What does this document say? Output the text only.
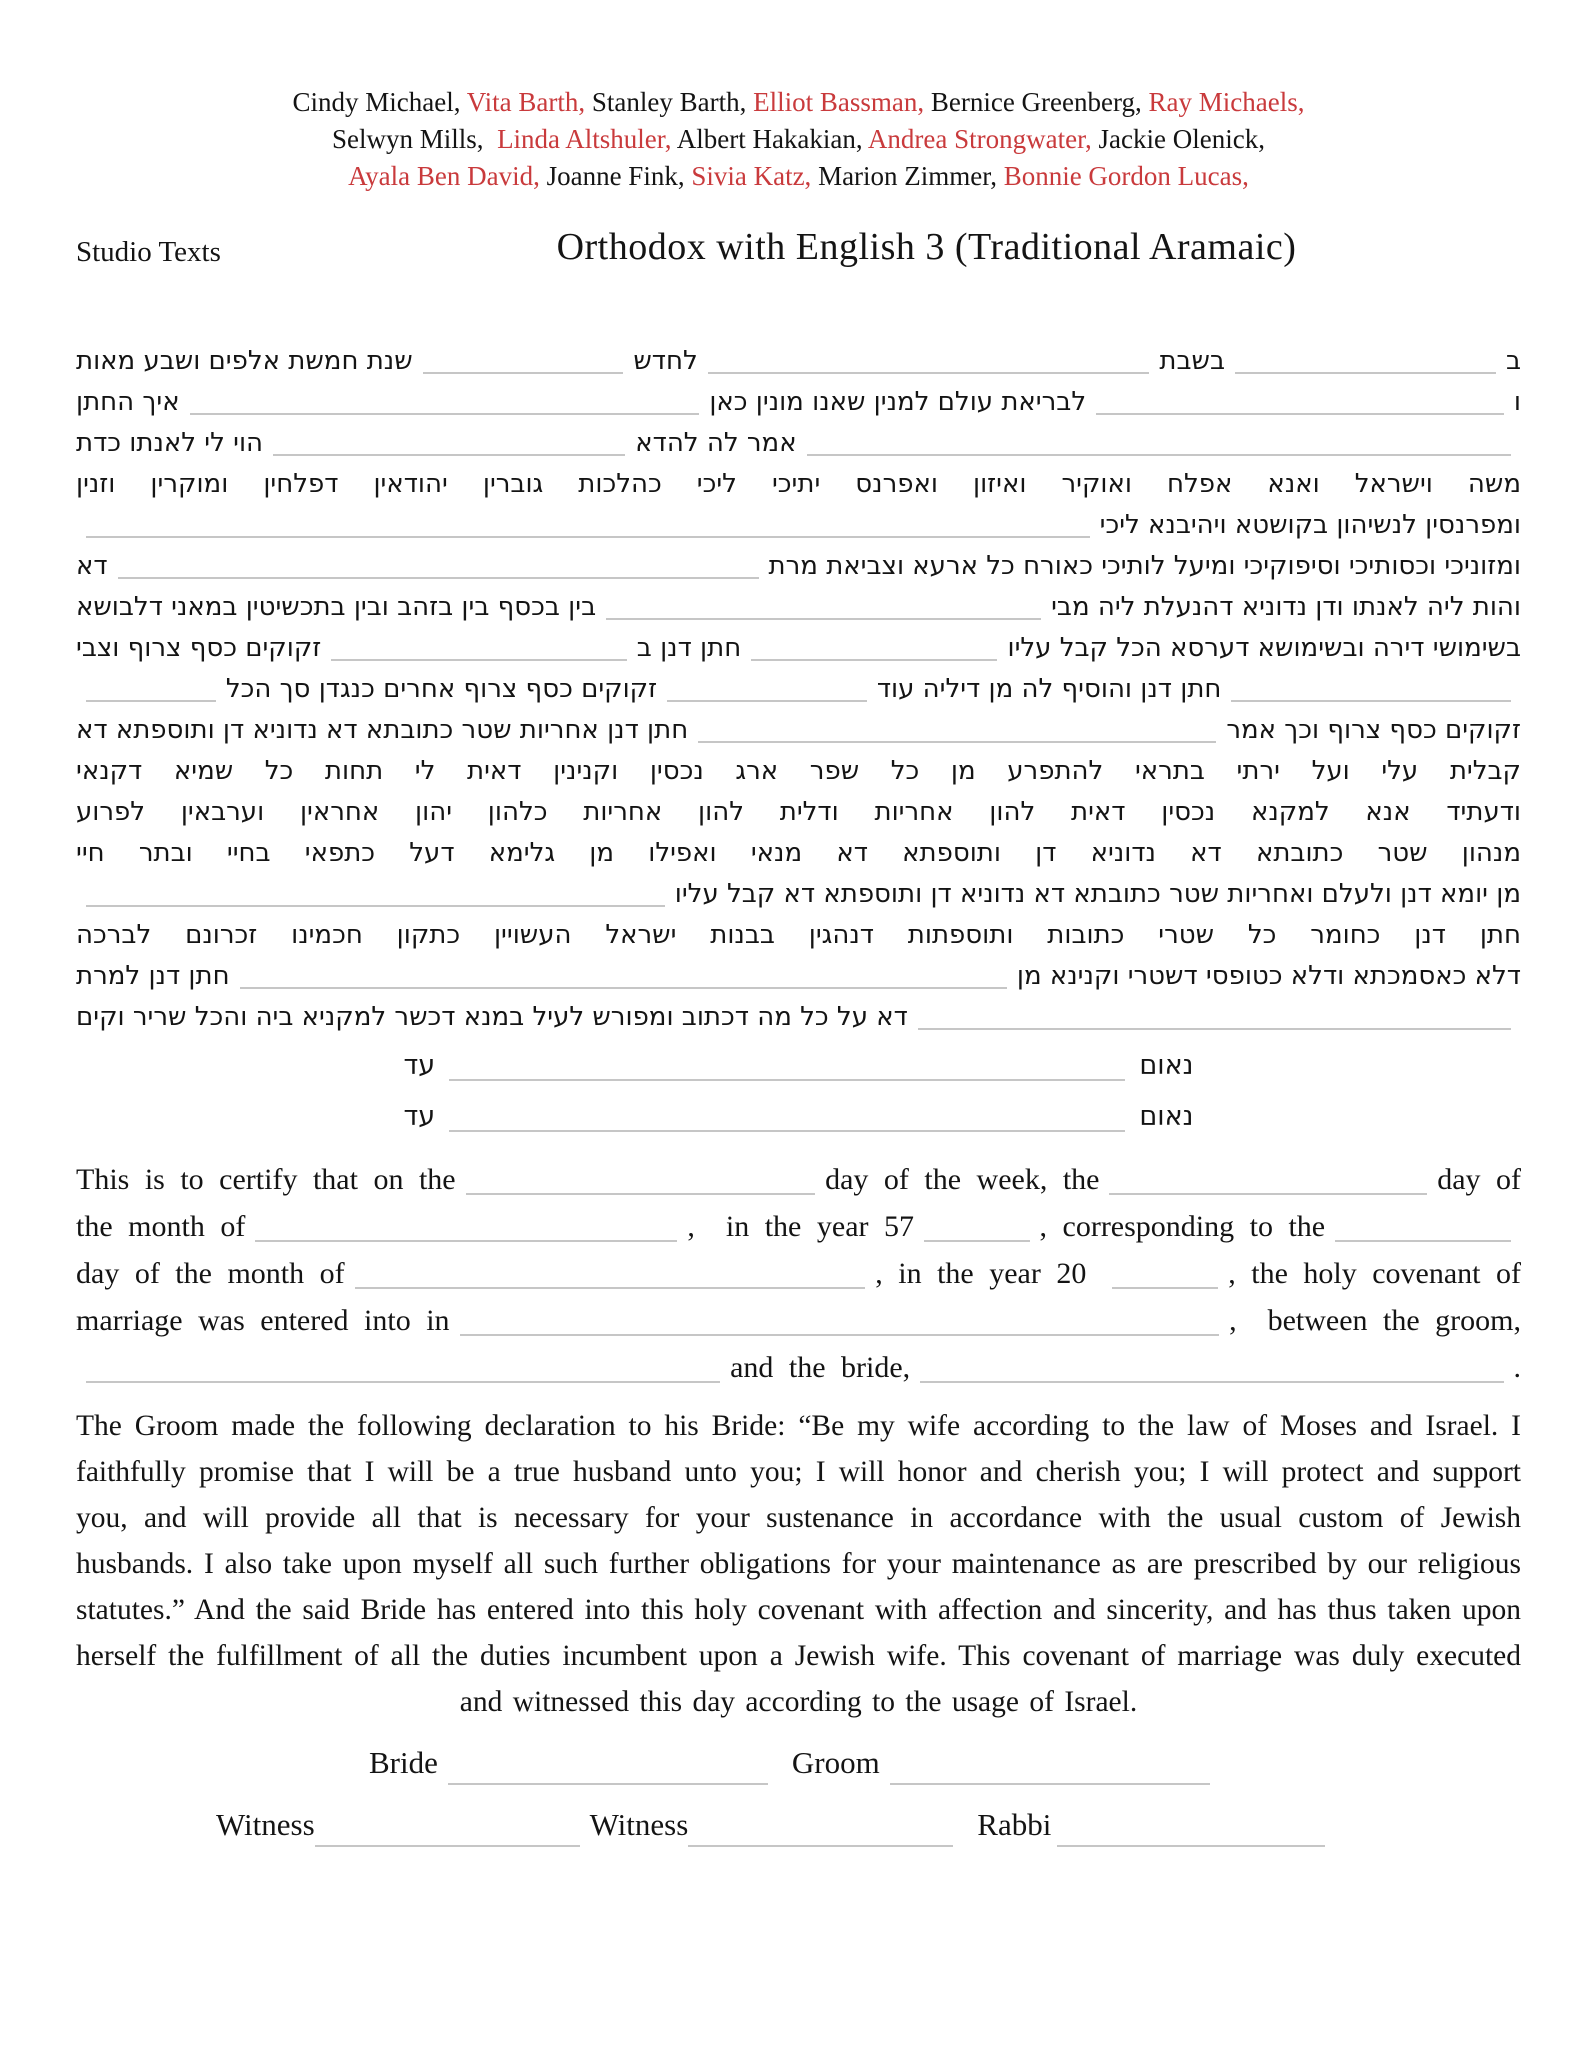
Cindy Michael, Vita Barth, Stanley Barth, Elliot Bassman, Bernice Greenberg, Ray Michaels,
Selwyn Mills,  Linda Altshuler, Albert Hakakian, Andrea Strongwater, Jackie Olenick,
Ayala Ben David, Joanne Fink, Sivia Katz, Marion Zimmer, Bonnie Gordon Lucas,
Studio Texts	Orthodox with English 3 (Traditional Aramaic)
ב
בשבת
לחדש
שנת חמשת אלפים ושבע מאות
ו
לבריאת עולם למנין שאנו מונין כאן
איך החתן
אמר לה להדא
הוי לי לאנתו כדת
משה וישראל ואנא אפלח ואוקיר ואיזון ואפרנס יתיכי ליכי כהלכות גוברין יהודאין דפלחין ומוקרין וזנין
ומפרנסין לנשיהון בקושטא ויהיבנא ליכי
ומזוניכי וכסותיכי וסיפוקיכי ומיעל לותיכי כאורח כל ארעא וצביאת מרת
דא
והות ליה לאנתו ודן נדוניא דהנעלת ליה מבי
בין בכסף בין בזהב ובין בתכשיטין במאני דלבושא
בשימושי דירה ובשימושא דערסא הכל קבל עליו
חתן דנן ב
זקוקים כסף צרוף וצבי
חתן דנן והוסיף לה מן דיליה עוד
זקוקים כסף צרוף אחרים כנגדן סך הכל
זקוקים כסף צרוף וכך אמר
חתן דנן אחריות שטר כתובתא דא נדוניא דן ותוספתא דא
קבלית עלי ועל ירתי בתראי להתפרע מן כל שפר ארג נכסין וקנינין דאית לי תחות כל שמיא דקנאי
ודעתיד אנא למקנא נכסין דאית להון אחריות ודלית להון אחריות כלהון יהון אחראין וערבאין לפרוע
מנהון שטר כתובתא דא נדוניא דן ותוספתא דא מנאי ואפילו מן גלימא דעל כתפאי בחיי ובתר חיי
מן יומא דנן ולעלם ואחריות שטר כתובתא דא נדוניא דן ותוספתא דא קבל עליו
חתן דנן כחומר כל שטרי כתובות ותוספתות דנהגין בבנות ישראל העשויין כתקון חכמינו זכרונם לברכה
דלא כאסמכתא ודלא כטופסי דשטרי וקנינא מן
חתן דנן למרת
דא על כל מה דכתוב ומפורש לעיל במנא דכשר למקניא ביה והכל שריר וקים
נאום
עד
נאום
עד
This is to certify that on the	day of the week, the	day of
the month of	,  in the year 57	, corresponding to the
day of the month of	, in the year 20	, the holy covenant of
marriage was entered into in	,  between the groom,
and the bride,	.
The Groom made the following declaration to his Bride: “Be my wife according to the law of Moses and Israel. I faithfully promise that I will be a true husband unto you; I will honor and cherish you; I will protect and support you, and will provide all that is necessary for your sustenance in accordance with the usual custom of Jewish husbands. I also take upon myself all such further obligations for your maintenance as are prescribed by our religious statutes.” And the said Bride has entered into this holy covenant with affection and sincerity, and has thus taken upon herself the fulfillment of all the duties incumbent upon a Jewish wife. This covenant of marriage was duly executed and witnessed this day according to the usage of Israel.
Bride	Groom
Witness	Witness	Rabbi
